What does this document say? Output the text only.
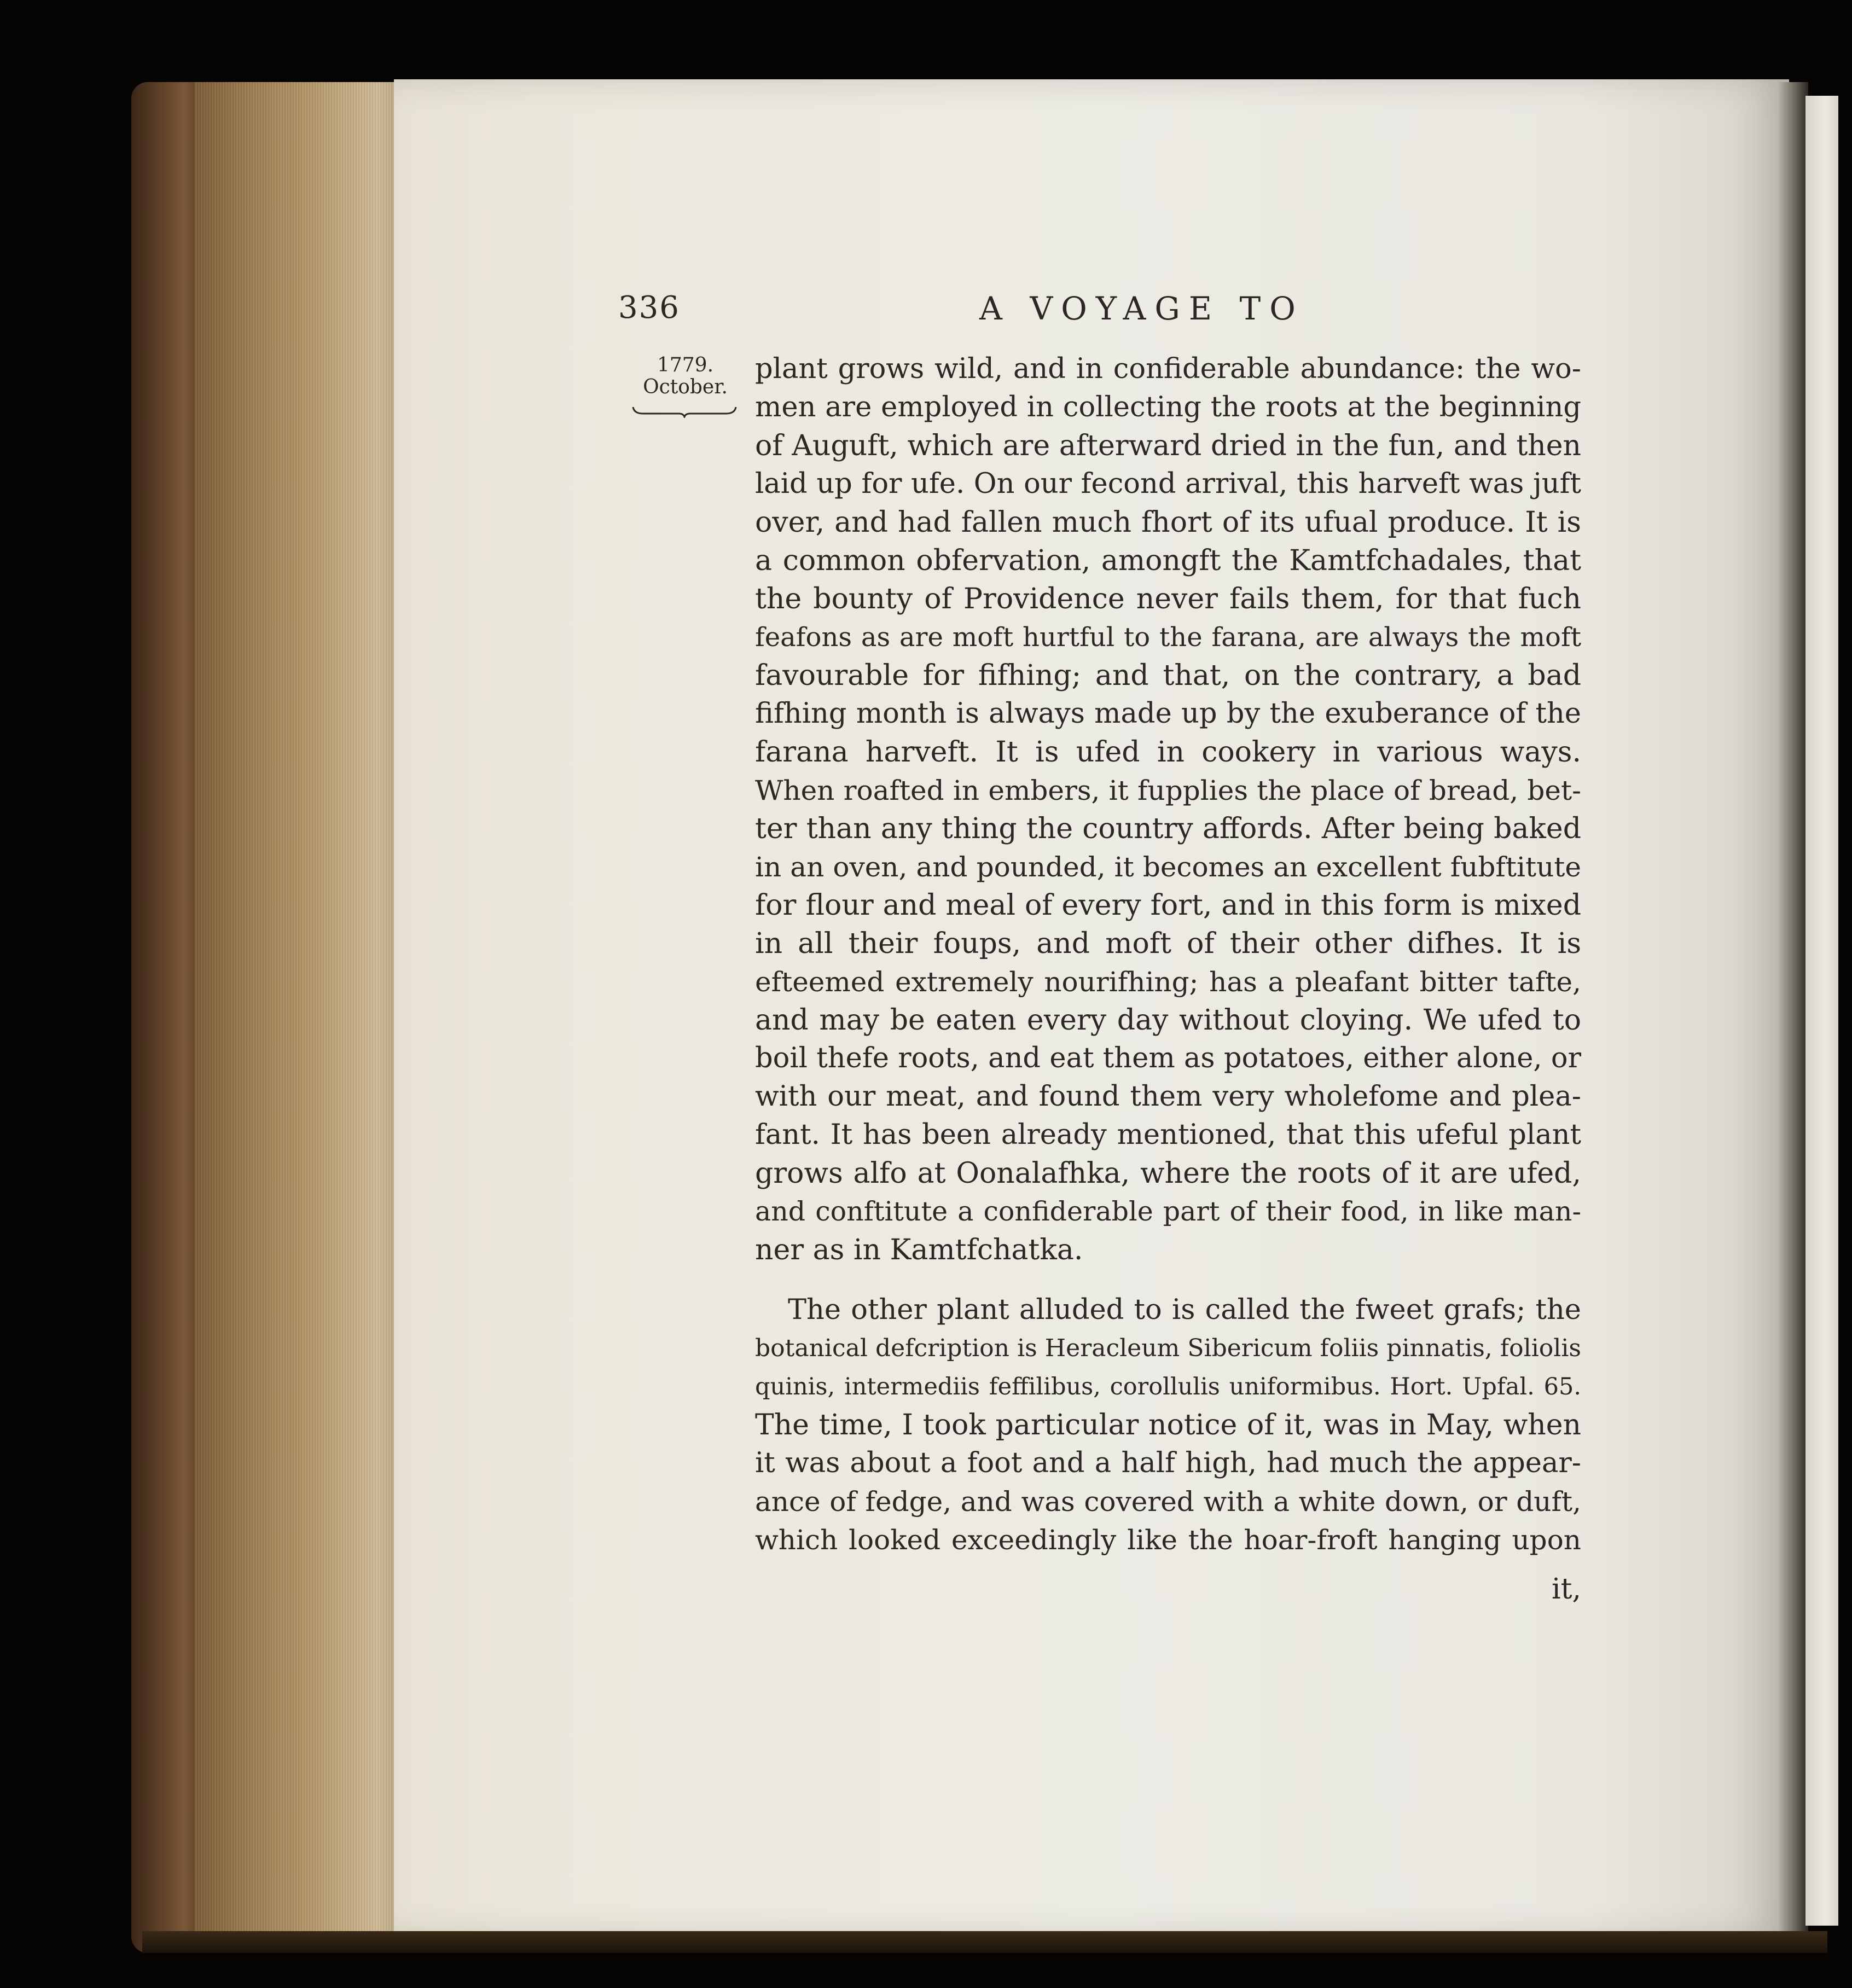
336	A VOYAGE TO
1779.
October.
plant grows wild, and in confiderable abundance: the wo-
men are employed in collecting the roots at the beginning
of Auguft, which are afterward dried in the fun, and then
laid up for ufe. On our fecond arrival, this harveft was juft
over, and had fallen much fhort of its ufual produce. It is
a common obfervation, amongft the Kamtfchadales, that
the bounty of Providence never fails them, for that fuch
feafons as are moft hurtful to the farana, are always the moft
favourable for fifhing; and that, on the contrary, a bad
fifhing month is always made up by the exuberance of the
farana harveft. It is ufed in cookery in various ways.
When roafted in embers, it fupplies the place of bread, bet-
ter than any thing the country affords. After being baked
in an oven, and pounded, it becomes an excellent fubftitute
for flour and meal of every fort, and in this form is mixed
in all their foups, and moft of their other difhes. It is
efteemed extremely nourifhing; has a pleafant bitter tafte,
and may be eaten every day without cloying. We ufed to
boil thefe roots, and eat them as potatoes, either alone, or
with our meat, and found them very wholefome and plea-
fant. It has been already mentioned, that this ufeful plant
grows alfo at Oonalafhka, where the roots of it are ufed,
and conftitute a confiderable part of their food, in like man-
ner as in Kamtfchatka.
The other plant alluded to is called the fweet grafs; the
botanical defcription is Heracleum Sibericum foliis pinnatis, foliolis
quinis, intermediis feffilibus, corollulis uniformibus. Hort. Upfal. 65.
The time, I took particular notice of it, was in May, when
it was about a foot and a half high, had much the appear-
ance of fedge, and was covered with a white down, or duft,
which looked exceedingly like the hoar-froft hanging upon
it,
